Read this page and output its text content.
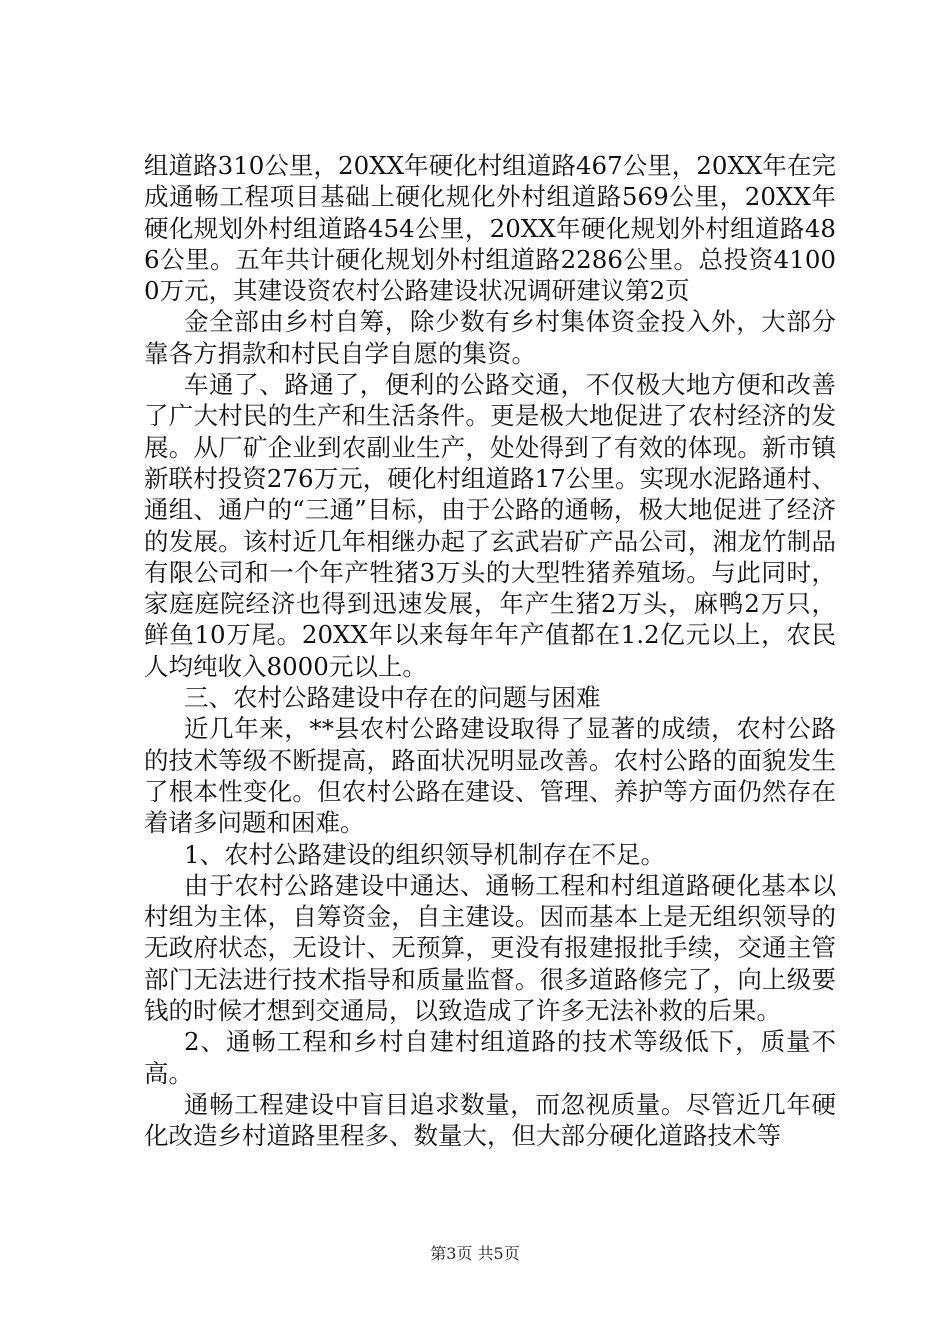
组道路310公里，20XX年硬化村组道路467公里，20XX年在完成通畅工程项目基础上硬化规化外村组道路569公里，20XX年硬化规划外村组道路454公里，20XX年硬化规划外村组道路486公里。五年共计硬化规划外村组道路2286公里。总投资41000万元，其建设资农村公路建设状况调研建议第2页

金全部由乡村自筹，除少数有乡村集体资金投入外，大部分靠各方捐款和村民自学自愿的集资。

车通了、路通了，便利的公路交通，不仅极大地方便和改善了广大村民的生产和生活条件。更是极大地促进了农村经济的发展。从厂矿企业到农副业生产，处处得到了有效的体现。新市镇新联村投资276万元，硬化村组道路17公里。实现水泥路通村、通组、通户的“三通”目标，由于公路的通畅，极大地促进了经济的发展。该村近几年相继办起了玄武岩矿产品公司，湘龙竹制品有限公司和一个年产牲猪3万头的大型牲猪养殖场。与此同时，家庭庭院经济也得到迅速发展，年产生猪2万头，麻鸭2万只，鲜鱼10万尾。20XX年以来每年年产值都在1.2亿元以上，农民人均纯收入8000元以上。

三、农村公路建设中存在的问题与困难

近几年来，**县农村公路建设取得了显著的成绩，农村公路的技术等级不断提高，路面状况明显改善。农村公路的面貌发生了根本性变化。但农村公路在建设、管理、养护等方面仍然存在着诸多问题和困难。

1、农村公路建设的组织领导机制存在不足。

由于农村公路建设中通达、通畅工程和村组道路硬化基本以村组为主体，自筹资金，自主建设。因而基本上是无组织领导的无政府状态，无设计、无预算，更没有报建报批手续，交通主管部门无法进行技术指导和质量监督。很多道路修完了，向上级要钱的时候才想到交通局，以致造成了许多无法补救的后果。

2、通畅工程和乡村自建村组道路的技术等级低下，质量不高。

通畅工程建设中盲目追求数量，而忽视质量。尽管近几年硬化改造乡村道路里程多、数量大，但大部分硬化道路技术等

第3页 共5页
